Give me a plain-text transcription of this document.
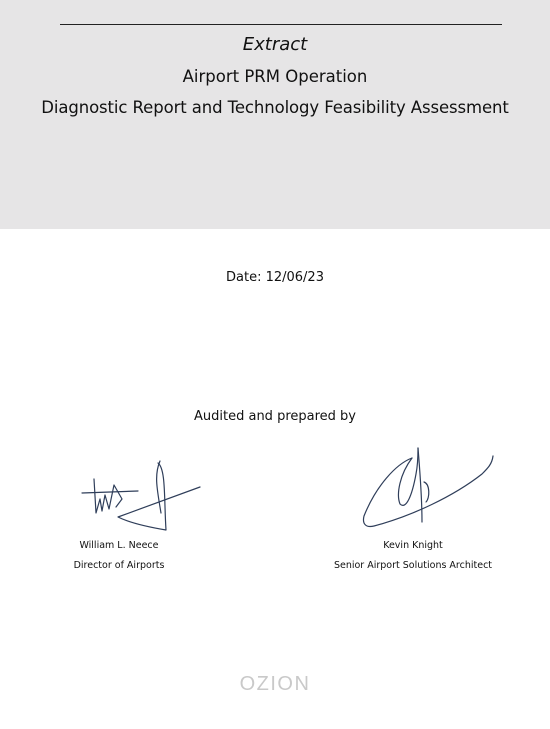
Extract
Airport PRM Operation
Diagnostic Report and Technology Feasibility Assessment
Date: 12/06/23
Audited and prepared by
William L. Neece
Director of Airports
Kevin Knight
Senior Airport Solutions Architect
OZION
